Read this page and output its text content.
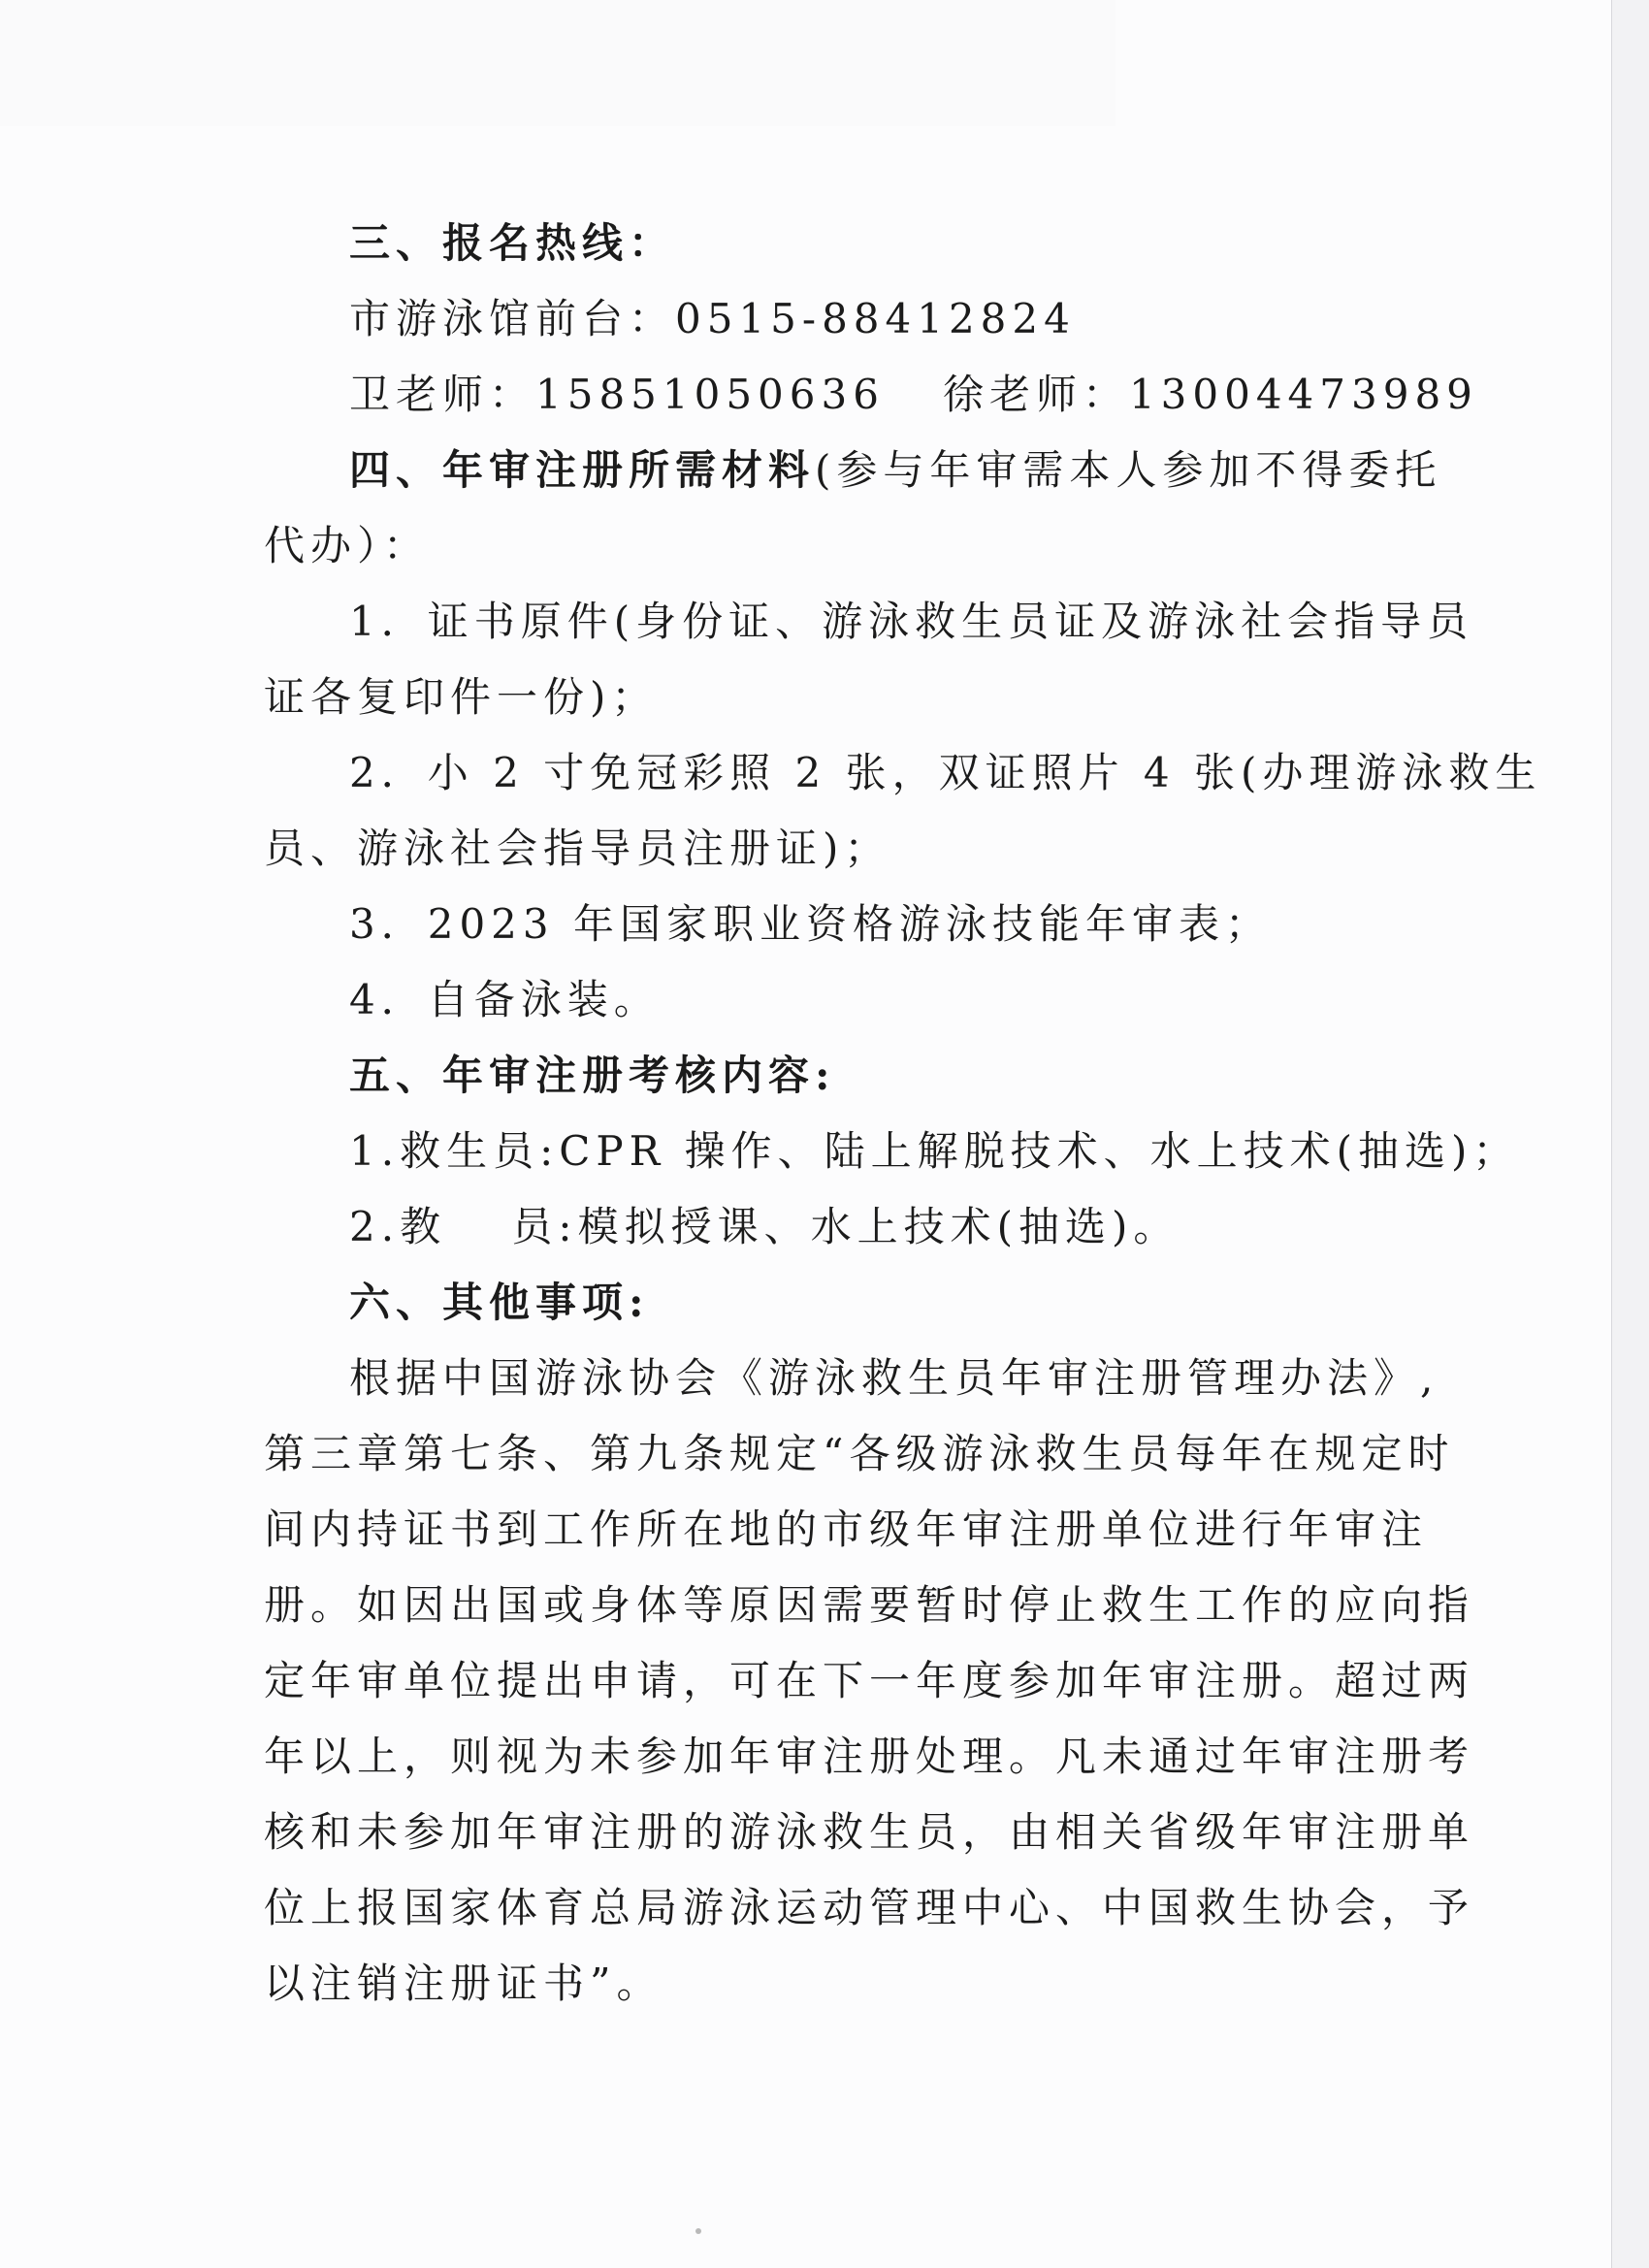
三、报名热线：
市游泳馆前台：0515-88412824
卫老师：15851050636 徐老师：13004473989
四、年审注册所需材料(参与年审需本人参加不得委托
代办）：
1．证书原件(身份证、游泳救生员证及游泳社会指导员
证各复印件一份)；
2．小 2 寸免冠彩照 2 张，双证照片 4 张(办理游泳救生
员、游泳社会指导员注册证)；
3．2023 年国家职业资格游泳技能年审表；
4．自备泳装。
五、年审注册考核内容:
1.救生员:CPR 操作、陆上解脱技术、水上技术(抽选)；
2.教　 员:模拟授课、水上技术(抽选)。
六、其他事项:
根据中国游泳协会《游泳救生员年审注册管理办法》,
第三章第七条、第九条规定“各级游泳救生员每年在规定时
间内持证书到工作所在地的市级年审注册单位进行年审注
册。如因出国或身体等原因需要暂时停止救生工作的应向指
定年审单位提出申请，可在下一年度参加年审注册。超过两
年以上，则视为未参加年审注册处理。凡未通过年审注册考
核和未参加年审注册的游泳救生员，由相关省级年审注册单
位上报国家体育总局游泳运动管理中心、中国救生协会，予
以注销注册证书”。
